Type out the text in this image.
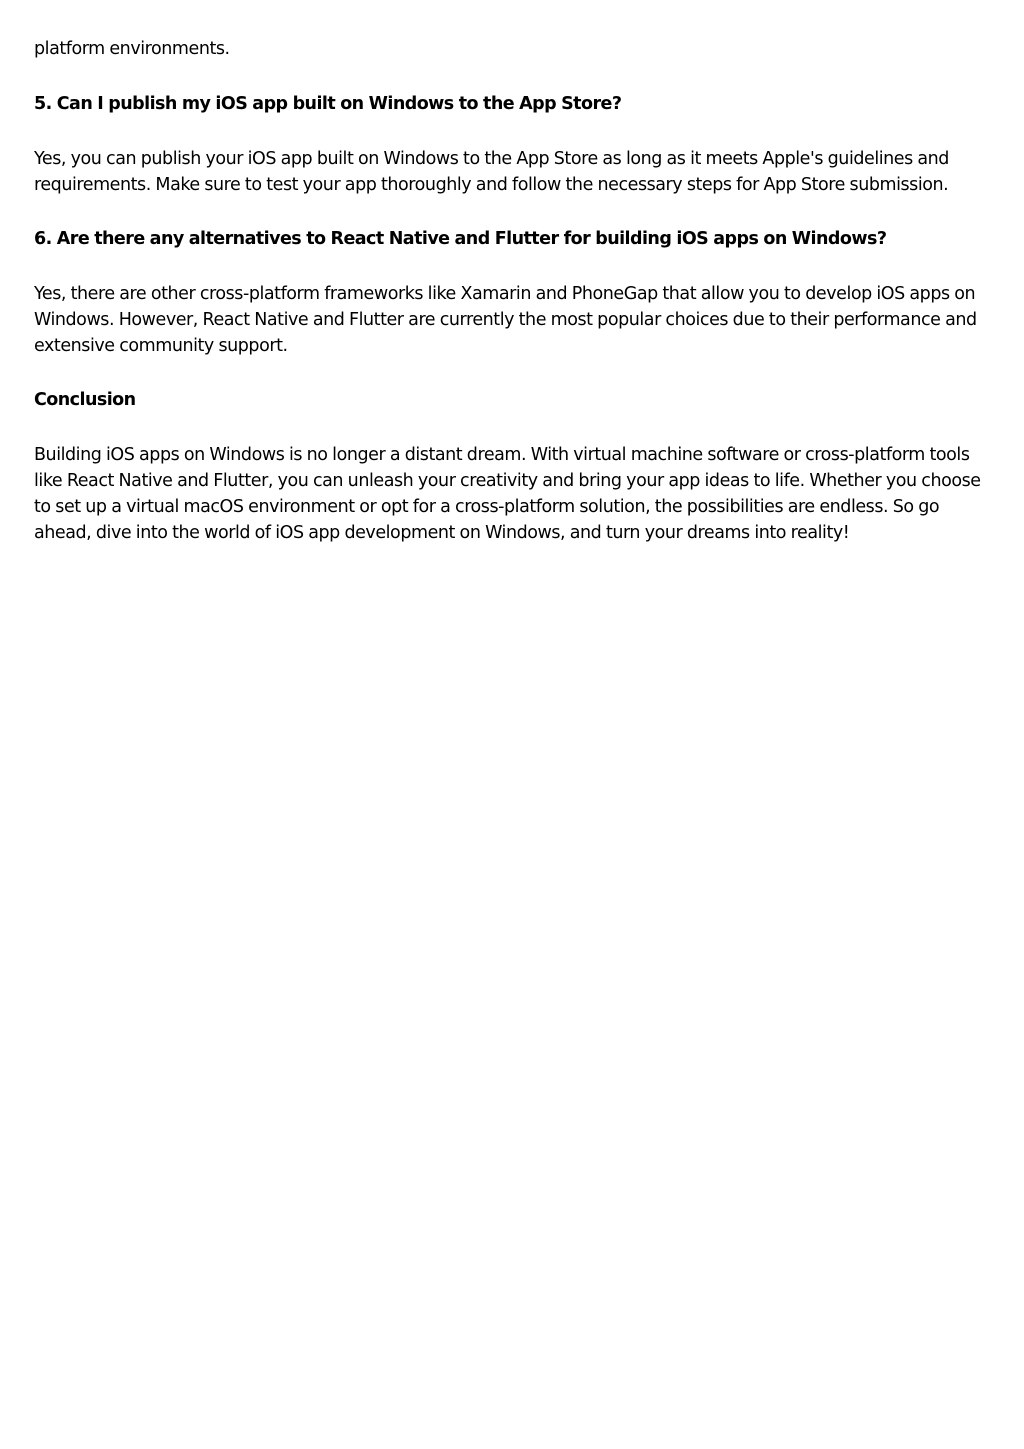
platform environments.

5. Can I publish my iOS app built on Windows to the App Store?

Yes, you can publish your iOS app built on Windows to the App Store as long as it meets Apple's guidelines and requirements. Make sure to test your app thoroughly and follow the necessary steps for App Store submission.

6. Are there any alternatives to React Native and Flutter for building iOS apps on Windows?

Yes, there are other cross-platform frameworks like Xamarin and PhoneGap that allow you to develop iOS apps on Windows. However, React Native and Flutter are currently the most popular choices due to their performance and extensive community support.

Conclusion

Building iOS apps on Windows is no longer a distant dream. With virtual machine software or cross-platform tools like React Native and Flutter, you can unleash your creativity and bring your app ideas to life. Whether you choose to set up a virtual macOS environment or opt for a cross-platform solution, the possibilities are endless. So go ahead, dive into the world of iOS app development on Windows, and turn your dreams into reality!
